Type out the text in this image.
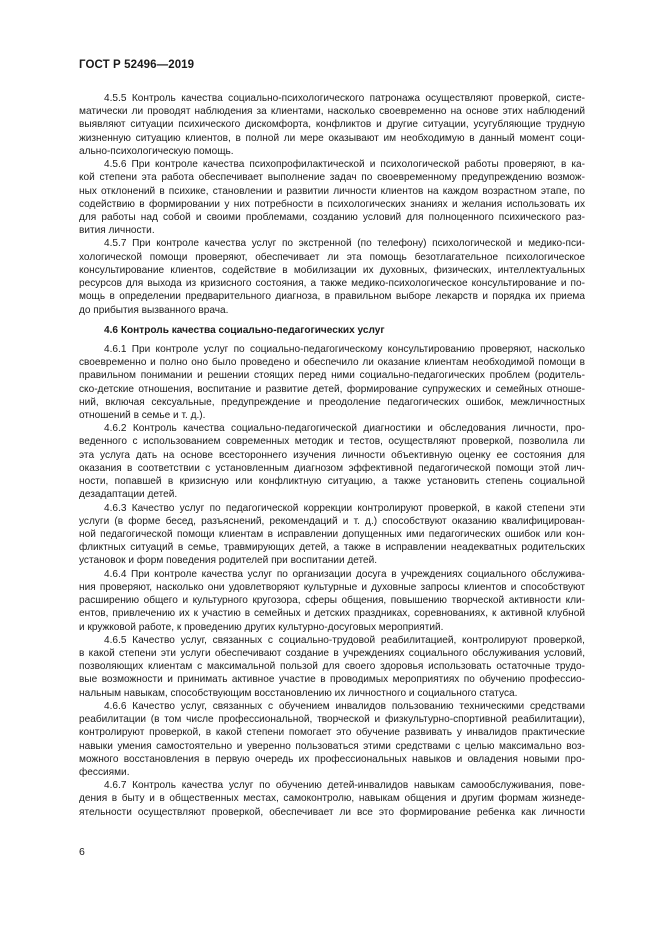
ГОСТ Р 52496—2019
4.5.5 Контроль качества социально-психологического патронажа осуществляют проверкой, систе-
матически ли проводят наблюдения за клиентами, насколько своевременно на основе этих наблюдений
выявляют ситуации психического дискомфорта, конфликтов и другие ситуации, усугубляющие трудную
жизненную ситуацию клиентов, в полной ли мере оказывают им необходимую в данный момент соци-
ально-психологическую помощь.
4.5.6 При контроле качества психопрофилактической и психологической работы проверяют, в ка-
кой степени эта работа обеспечивает выполнение задач по своевременному предупреждению возмож-
ных отклонений в психике, становлении и развитии личности клиентов на каждом возрастном этапе, по
содействию в формировании у них потребности в психологических знаниях и желания использовать их
для работы над собой и своими проблемами, созданию условий для полноценного психического раз-
вития личности.
4.5.7 При контроле качества услуг по экстренной (по телефону) психологической и медико-пси-
хологической помощи проверяют, обеспечивает ли эта помощь безотлагательное психологическое
консультирование клиентов, содействие в мобилизации их духовных, физических, интеллектуальных
ресурсов для выхода из кризисного состояния, а также медико-психологическое консультирование и по-
мощь в определении предварительного диагноза, в правильном выборе лекарств и порядка их приема
до прибытия вызванного врача.
4.6 Контроль качества социально-педагогических услуг
4.6.1 При контроле услуг по социально-педагогическому консультированию проверяют, насколько
своевременно и полно оно было проведено и обеспечило ли оказание клиентам необходимой помощи в
правильном понимании и решении стоящих перед ними социально-педагогических проблем (родитель-
ско-детские отношения, воспитание и развитие детей, формирование супружеских и семейных отноше-
ний, включая сексуальные, предупреждение и преодоление педагогических ошибок, межличностных
отношений в семье и т. д.).
4.6.2 Контроль качества социально-педагогической диагностики и обследования личности, про-
веденного с использованием современных методик и тестов, осуществляют проверкой, позволила ли
эта услуга дать на основе всестороннего изучения личности объективную оценку ее состояния для
оказания в соответствии с установленным диагнозом эффективной педагогической помощи этой лич-
ности, попавшей в кризисную или конфликтную ситуацию, а также установить степень социальной
дезадаптации детей.
4.6.3 Качество услуг по педагогической коррекции контролируют проверкой, в какой степени эти
услуги (в форме бесед, разъяснений, рекомендаций и т. д.) способствуют оказанию квалифицирован-
ной педагогической помощи клиентам в исправлении допущенных ими педагогических ошибок или кон-
фликтных ситуаций в семье, травмирующих детей, а также в исправлении неадекватных родительских
установок и форм поведения родителей при воспитании детей.
4.6.4 При контроле качества услуг по организации досуга в учреждениях социального обслужива-
ния проверяют, насколько они удовлетворяют культурные и духовные запросы клиентов и способствуют
расширению общего и культурного кругозора, сферы общения, повышению творческой активности кли-
ентов, привлечению их к участию в семейных и детских праздниках, соревнованиях, к активной клубной
и кружковой работе, к проведению других культурно-досуговых мероприятий.
4.6.5 Качество услуг, связанных с социально-трудовой реабилитацией, контролируют проверкой,
в какой степени эти услуги обеспечивают создание в учреждениях социального обслуживания условий,
позволяющих клиентам с максимальной пользой для своего здоровья использовать остаточные трудо-
вые возможности и принимать активное участие в проводимых мероприятиях по обучению профессио-
нальным навыкам, способствующим восстановлению их личностного и социального статуса.
4.6.6 Качество услуг, связанных с обучением инвалидов пользованию техническими средствами
реабилитации (в том числе профессиональной, творческой и физкультурно-спортивной реабилитации),
контролируют проверкой, в какой степени помогает это обучение развивать у инвалидов практические
навыки умения самостоятельно и уверенно пользоваться этими средствами с целью максимально воз-
можного восстановления в первую очередь их профессиональных навыков и овладения новыми про-
фессиями.
4.6.7 Контроль качества услуг по обучению детей-инвалидов навыкам самообслуживания, пове-
дения в быту и в общественных местах, самоконтролю, навыкам общения и другим формам жизнеде-
ятельности осуществляют проверкой, обеспечивает ли все это формирование ребенка как личности
6
